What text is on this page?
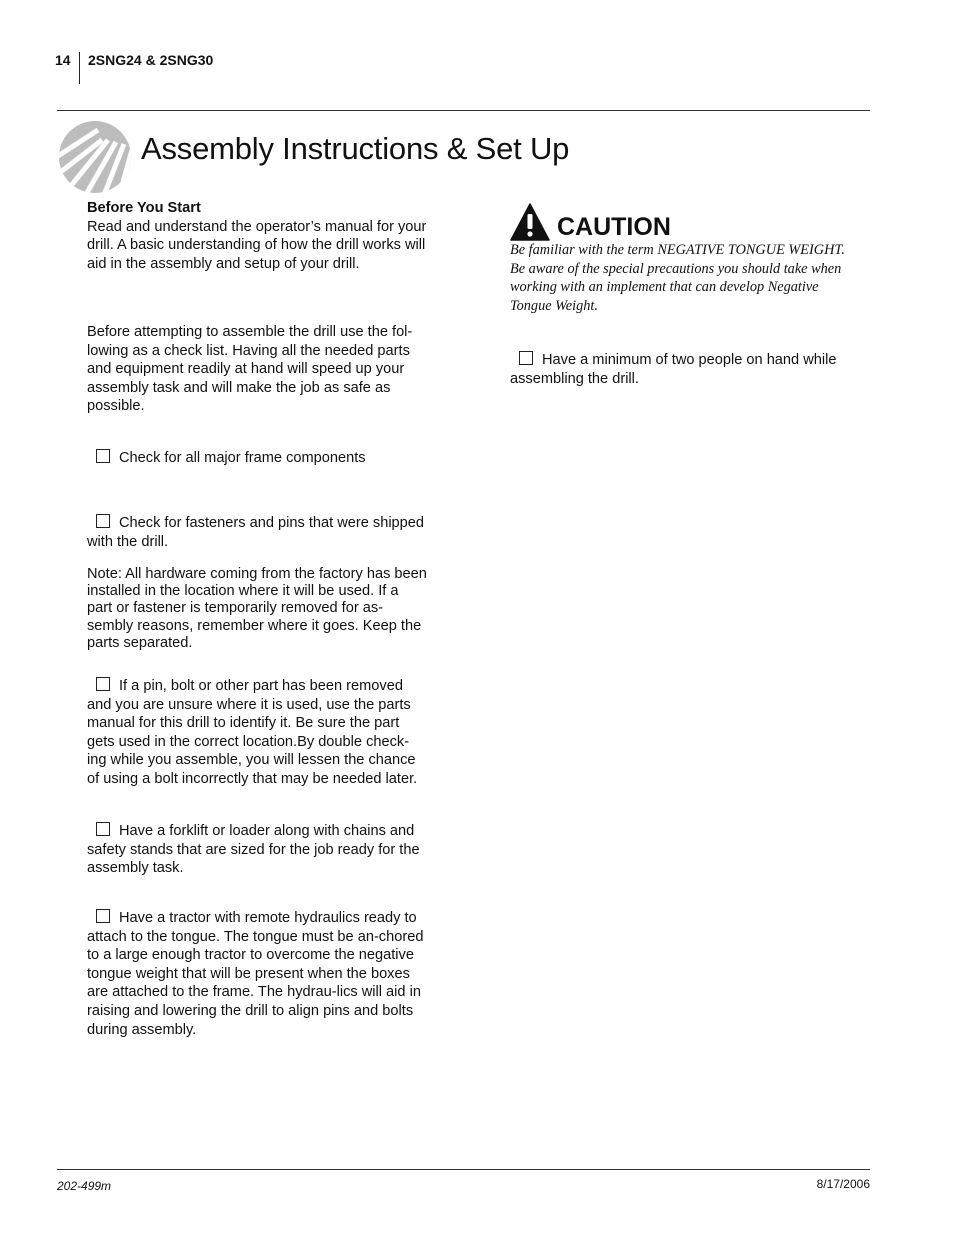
14 2SNG24 & 2SNG30
Assembly Instructions & Set Up

Before You Start

Read and understand the operator’s manual for your drill. A basic understanding of how the drill works will aid in the assembly and setup of your drill.

Before attempting to assemble the drill use the fol-lowing as a check list. Having all the needed parts and equipment readily at hand will speed up your assembly task and will make the job as safe as possible.

Check for all major frame components

Check for fasteners and pins that were shipped with the drill.

Note: All hardware coming from the factory has been installed in the location where it will be used. If a part or fastener is temporarily removed for as-sembly reasons, remember where it goes. Keep the parts separated.

If a pin, bolt or other part has been removed and you are unsure where it is used, use the parts manual for this drill to identify it. Be sure the part gets used in the correct location.By double check-ing while you assemble, you will lessen the chance of using a bolt incorrectly that may be needed later.

Have a forklift or loader along with chains and safety stands that are sized for the job ready for the assembly task.

Have a tractor with remote hydraulics ready to attach to the tongue. The tongue must be an-chored to a large enough tractor to overcome the negative tongue weight that will be present when the boxes are attached to the frame. The hydrau-lics will aid in raising and lowering the drill to align pins and bolts during assembly.

CAUTION

Be familiar with the term NEGATIVE TONGUE WEIGHT. Be aware of the special precautions you should take when working with an implement that can develop Negative Tongue Weight.

Have a minimum of two people on hand while assembling the drill.

202-499m	8/17/2006
